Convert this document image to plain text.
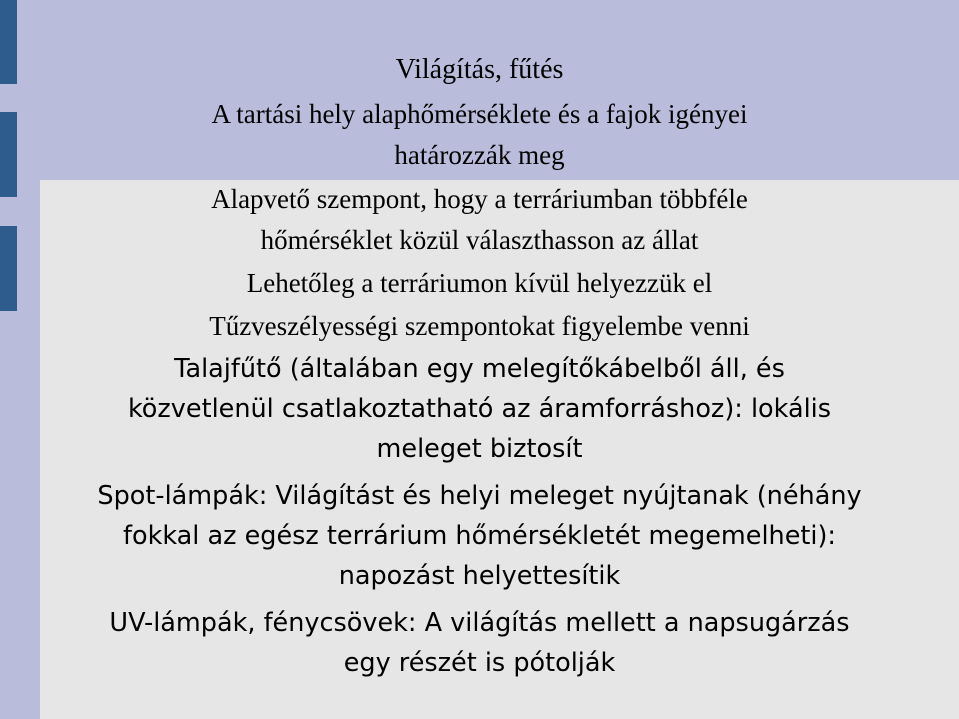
Világítás, fűtés

A tartási hely alaphőmérséklete és a fajok igényei
határozzák meg

Alapvető szempont, hogy a terráriumban többféle
hőmérséklet közül választhasson az állat

Lehetőleg a terráriumon kívül helyezzük el

Tűzveszélyességi szempontokat figyelembe venni

Talajfűtő (általában egy melegítőkábelből áll, és
közvetlenül csatlakoztatható az áramforráshoz): lokális
meleget biztosít

Spot-lámpák: Világítást és helyi meleget nyújtanak (néhány
fokkal az egész terrárium hőmérsékletét megemelheti):
napozást helyettesítik

UV-lámpák, fénycsövek: A világítás mellett a napsugárzás
egy részét is pótolják
